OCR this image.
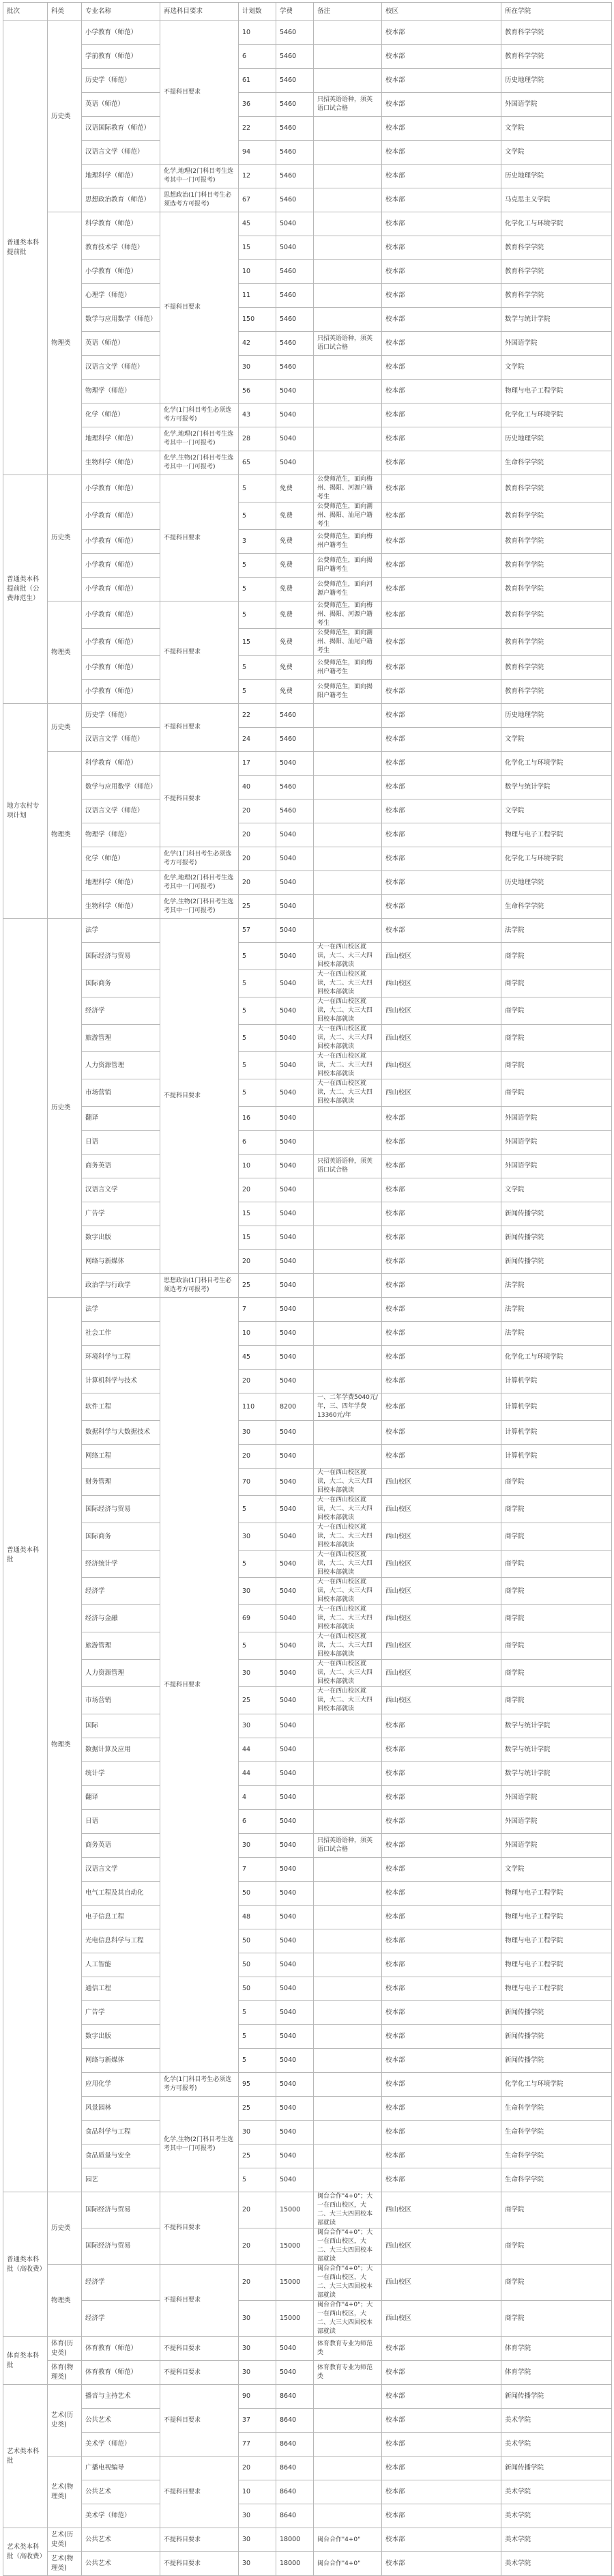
批次	科类	专业名称	再选科目要求	计划数	学费	备注	校区	所在学院
普通类本科提前批	历史类	小学教育（师范）	不提科目要求	10	5460		校本部	教育科学学院
		学前教育（师范）		6	5460		校本部	教育科学学院
		历史学（师范）		61	5460		校本部	历史地理学院
		英语（师范）		36	5460	只招英语语种，须英语口试合格	校本部	外国语学院
		汉语国际教育（师范）		22	5460		校本部	文学院
		汉语言文学（师范）		94	5460		校本部	文学院
		地理科学（师范）	化学,地理(2门科目考生选考其中一门可报考)	12	5460		校本部	历史地理学院
		思想政治教育（师范）	思想政治(1门科目考生必须选考方可报考)	67	5460		校本部	马克思主义学院
	物理类	科学教育（师范）	不提科目要求	45	5040		校本部	化学化工与环境学院
		教育技术学（师范）		15	5040		校本部	教育科学学院
		小学教育（师范）		10	5460		校本部	教育科学学院
		心理学（师范）		11	5460		校本部	教育科学学院
		数学与应用数学（师范）		150	5460		校本部	数学与统计学院
		英语（师范）		42	5460	只招英语语种，须英语口试合格	校本部	外国语学院
		汉语言文学（师范）		30	5460		校本部	文学院
		物理学（师范）		56	5040		校本部	物理与电子工程学院
		化学（师范）	化学(1门科目考生必须选考方可报考)	43	5040		校本部	化学化工与环境学院
		地理科学（师范）	化学,地理(2门科目考生选考其中一门可报考)	28	5040		校本部	历史地理学院
		生物科学（师范）	化学,生物(2门科目考生选考其中一门可报考)	65	5040		校本部	生命科学学院
普通类本科提前批（公费师范生）	历史类	小学教育（师范）	不提科目要求	5	免费	公费师范生，面向梅州、揭阳、河源户籍考生	校本部	教育科学学院
		小学教育（师范）		5	免费	公费师范生，面向潮州、揭阳、汕尾户籍考生	校本部	教育科学学院
		小学教育（师范）		3	免费	公费师范生，面向梅州户籍考生	校本部	教育科学学院
		小学教育（师范）		5	免费	公费师范生，面向揭阳户籍考生	校本部	教育科学学院
		小学教育（师范）		5	免费	公费师范生，面向河源户籍考生	校本部	教育科学学院
	物理类	小学教育（师范）	不提科目要求	5	免费	公费师范生，面向梅州、揭阳、河源户籍考生	校本部	教育科学学院
		小学教育（师范）		15	免费	公费师范生，面向潮州、揭阳、汕尾户籍考生	校本部	教育科学学院
		小学教育（师范）		5	免费	公费师范生，面向梅州户籍考生	校本部	教育科学学院
		小学教育（师范）		5	免费	公费师范生，面向揭阳户籍考生	校本部	教育科学学院
地方农村专项计划	历史类	历史学（师范）	不提科目要求	22	5460		校本部	历史地理学院
		汉语言文学（师范）		24	5460		校本部	文学院
	物理类	科学教育（师范）	不提科目要求	17	5040		校本部	化学化工与环境学院
		数学与应用数学（师范）		40	5460		校本部	数学与统计学院
		汉语言文学（师范）		20	5460		校本部	文学院
		物理学（师范）		20	5040		校本部	物理与电子工程学院
		化学（师范）	化学(1门科目考生必须选考方可报考)	20	5040		校本部	化学化工与环境学院
		地理科学（师范）	化学,地理(2门科目考生选考其中一门可报考)	20	5040		校本部	历史地理学院
		生物科学（师范）	化学,生物(2门科目考生选考其中一门可报考)	25	5040		校本部	生命科学学院
普通类本科批	历史类	法学	不提科目要求	57	5040		校本部	法学院
		国际经济与贸易		5	5040	大一在西山校区就读，大二、大三大四回校本部就读	西山校区	商学院
		国际商务		5	5040	大一在西山校区就读，大二、大三大四回校本部就读	西山校区	商学院
		经济学		5	5040	大一在西山校区就读，大二、大三大四回校本部就读	西山校区	商学院
		旅游管理		5	5040	大一在西山校区就读，大二、大三大四回校本部就读	西山校区	商学院
		人力资源管理		5	5040	大一在西山校区就读，大二、大三大四回校本部就读	西山校区	商学院
		市场营销		5	5040	大一在西山校区就读，大二、大三大四回校本部就读	西山校区	商学院
		翻译		16	5040		校本部	外国语学院
		日语		6	5040		校本部	外国语学院
		商务英语		10	5040	只招英语语种，须英语口试合格	校本部	外国语学院
		汉语言文学		20	5040		校本部	文学院
		广告学		15	5040		校本部	新闻传播学院
		数字出版		15	5040		校本部	新闻传播学院
		网络与新媒体		20	5040		校本部	新闻传播学院
		政治学与行政学	思想政治(1门科目考生必须选考方可报考)	25	5040		校本部	法学院
	物理类	法学	不提科目要求	7	5040		校本部	法学院
		社会工作		10	5040		校本部	法学院
		环境科学与工程		45	5040		校本部	化学化工与环境学院
		计算机科学与技术		20	5040		校本部	计算机学院
		软件工程		110	8200	一、二年学费5040元/年，三、四年学费13360元/年	校本部	计算机学院
		数据科学与大数据技术		30	5040		校本部	计算机学院
		网络工程		20	5040		校本部	计算机学院
		财务管理		70	5040	大一在西山校区就读，大二、大三大四回校本部就读	西山校区	商学院
		国际经济与贸易		5	5040	大一在西山校区就读，大二、大三大四回校本部就读	西山校区	商学院
		国际商务		30	5040	大一在西山校区就读，大二、大三大四回校本部就读	西山校区	商学院
		经济统计学		5	5040	大一在西山校区就读，大二、大三大四回校本部就读	西山校区	商学院
		经济学		30	5040	大一在西山校区就读，大二、大三大四回校本部就读	西山校区	商学院
		经济与金融		69	5040	大一在西山校区就读，大二、大三大四回校本部就读	西山校区	商学院
		旅游管理		5	5040	大一在西山校区就读，大二、大三大四回校本部就读	西山校区	商学院
		人力资源管理		30	5040	大一在西山校区就读，大二、大三大四回校本部就读	西山校区	商学院
		市场营销		25	5040	大一在西山校区就读，大二、大三大四回校本部就读	西山校区	商学院
		国际		30	5040		校本部	数学与统计学院
		数据计算及应用		44	5040		校本部	数学与统计学院
		统计学		44	5040		校本部	数学与统计学院
		翻译		4	5040		校本部	外国语学院
		日语		6	5040		校本部	外国语学院
		商务英语		30	5040	只招英语语种，须英语口试合格	校本部	外国语学院
		汉语言文学		7	5040		校本部	文学院
		电气工程及其自动化		50	5040		校本部	物理与电子工程学院
		电子信息工程		48	5040		校本部	物理与电子工程学院
		光电信息科学与工程		50	5040		校本部	物理与电子工程学院
		人工智能		50	5040		校本部	物理与电子工程学院
		通信工程		50	5040		校本部	物理与电子工程学院
		广告学		5	5040		校本部	新闻传播学院
		数字出版		5	5040		校本部	新闻传播学院
		网络与新媒体		5	5040		校本部	新闻传播学院
		应用化学	化学(1门科目考生必须选考方可报考)	95	5040		校本部	化学化工与环境学院
		风景园林	化学,生物(2门科目考生选考其中一门可报考)	25	5040		校本部	生命科学学院
		食品科学与工程		30	5040		校本部	生命科学学院
		食品质量与安全		25	5040		校本部	生命科学学院
		园艺		5	5040		校本部	生命科学学院
普通类本科批（高收费）	历史类	国际经济与贸易	不提科目要求	20	15000	闽台合作"4+0"；大一在西山校区，大二、大三大四回校本部就读	西山校区	商学院
		国际经济与贸易		20	15000	闽台合作"4+0"；大一在西山校区，大二、大三大四回校本部就读	西山校区	商学院
	物理类	经济学	不提科目要求	20	15000	闽台合作"4+0"；大一在西山校区，大二、大三大四回校本部就读	西山校区	商学院
		经济学		30	15000	闽台合作"4+0"；大一在西山校区，大二、大三大四回校本部就读	西山校区	商学院
体育类本科批	体育(历史类)	体育教育（师范）	不提科目要求	30	5040	体育教育专业为师范类	校本部	体育学院
	体育(物理类)	体育教育（师范）	不提科目要求	30	5040	体育教育专业为师范类	校本部	体育学院
艺术类本科批	艺术(历史类)	播音与主持艺术	不提科目要求	90	8640		校本部	新闻传播学院
		公共艺术		37	8640		校本部	美术学院
		美术学（师范）		77	8640		校本部	美术学院
	艺术(物理类)	广播电视编导	不提科目要求	20	8640		校本部	新闻传播学院
		公共艺术		10	8640		校本部	美术学院
		美术学（师范）		30	8640		校本部	美术学院
艺术类本科批（高收费）	艺术(历史类)	公共艺术	不提科目要求	30	18000	闽台合作"4+0"	校本部	美术学院
	艺术(物理类)	公共艺术	不提科目要求	30	18000	闽台合作"4+0"	校本部	美术学院
